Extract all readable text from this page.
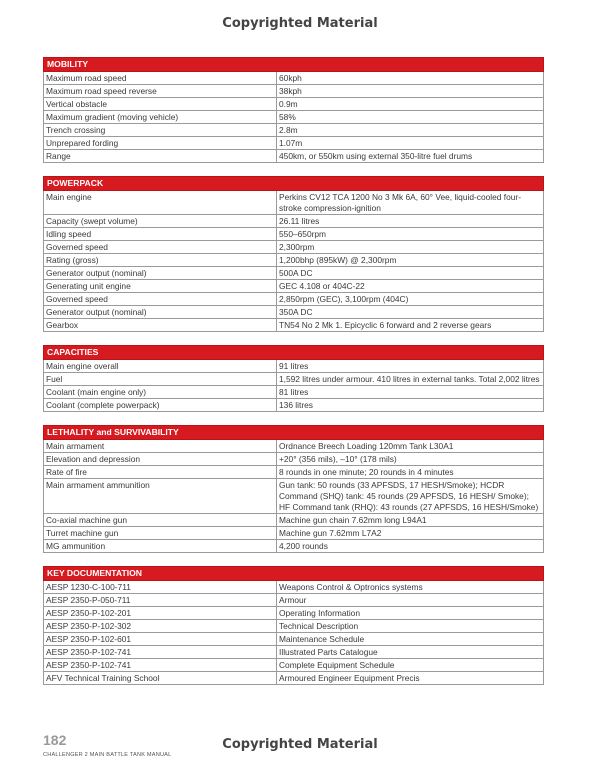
Copyrighted Material
MOBILITY	
Maximum road speed	60kph
Maximum road speed reverse	38kph
Vertical obstacle	0.9m
Maximum gradient (moving vehicle)	58%
Trench crossing	2.8m
Unprepared fording	1.07m
Range	450km, or 550km using external 350-litre fuel drums
POWERPACK	
Main engine	Perkins CV12 TCA 1200 No 3 Mk 6A, 60° Vee, liquid-cooled four-stroke compression-ignition
Capacity (swept volume)	26.11 litres
Idling speed	550–650rpm
Governed speed	2,300rpm
Rating (gross)	1,200bhp (895kW) @ 2,300rpm
Generator output (nominal)	500A DC
Generating unit engine	GEC 4.108 or 404C-22
Governed speed	2,850rpm (GEC), 3,100rpm (404C)
Generator output (nominal)	350A DC
Gearbox	TN54 No 2 Mk 1. Epicyclic 6 forward and 2 reverse gears
CAPACITIES	
Main engine overall	91 litres
Fuel	1,592 litres under armour. 410 litres in external tanks. Total 2,002 litres
Coolant (main engine only)	81 litres
Coolant (complete powerpack)	136 litres
LETHALITY and SURVIVABILITY	
Main armament	Ordnance Breech Loading 120mm Tank L30A1
Elevation and depression	+20° (356 mils), –10° (178 mils)
Rate of fire	8 rounds in one minute; 20 rounds in 4 minutes
Main armament ammunition	Gun tank: 50 rounds (33 APFSDS, 17 HESH/Smoke); HCDR Command (SHQ) tank: 45 rounds (29 APFSDS, 16 HESH/ Smoke); HF Command tank (RHQ): 43 rounds (27 APFSDS, 16 HESH/Smoke)
Co-axial machine gun	Machine gun chain 7.62mm long L94A1
Turret machine gun	Machine gun 7.62mm L7A2
MG ammunition	4,200 rounds
KEY DOCUMENTATION	
AESP 1230-C-100-711	Weapons Control & Optronics systems
AESP 2350-P-050-711	Armour
AESP 2350-P-102-201	Operating Information
AESP 2350-P-102-302	Technical Description
AESP 2350-P-102-601	Maintenance Schedule
AESP 2350-P-102-741	Illustrated Parts Catalogue
AESP 2350-P-102-741	Complete Equipment Schedule
AFV Technical Training School	Armoured Engineer Equipment Precis
Copyrighted Material
182
CHALLENGER 2 MAIN BATTLE TANK MANUAL
